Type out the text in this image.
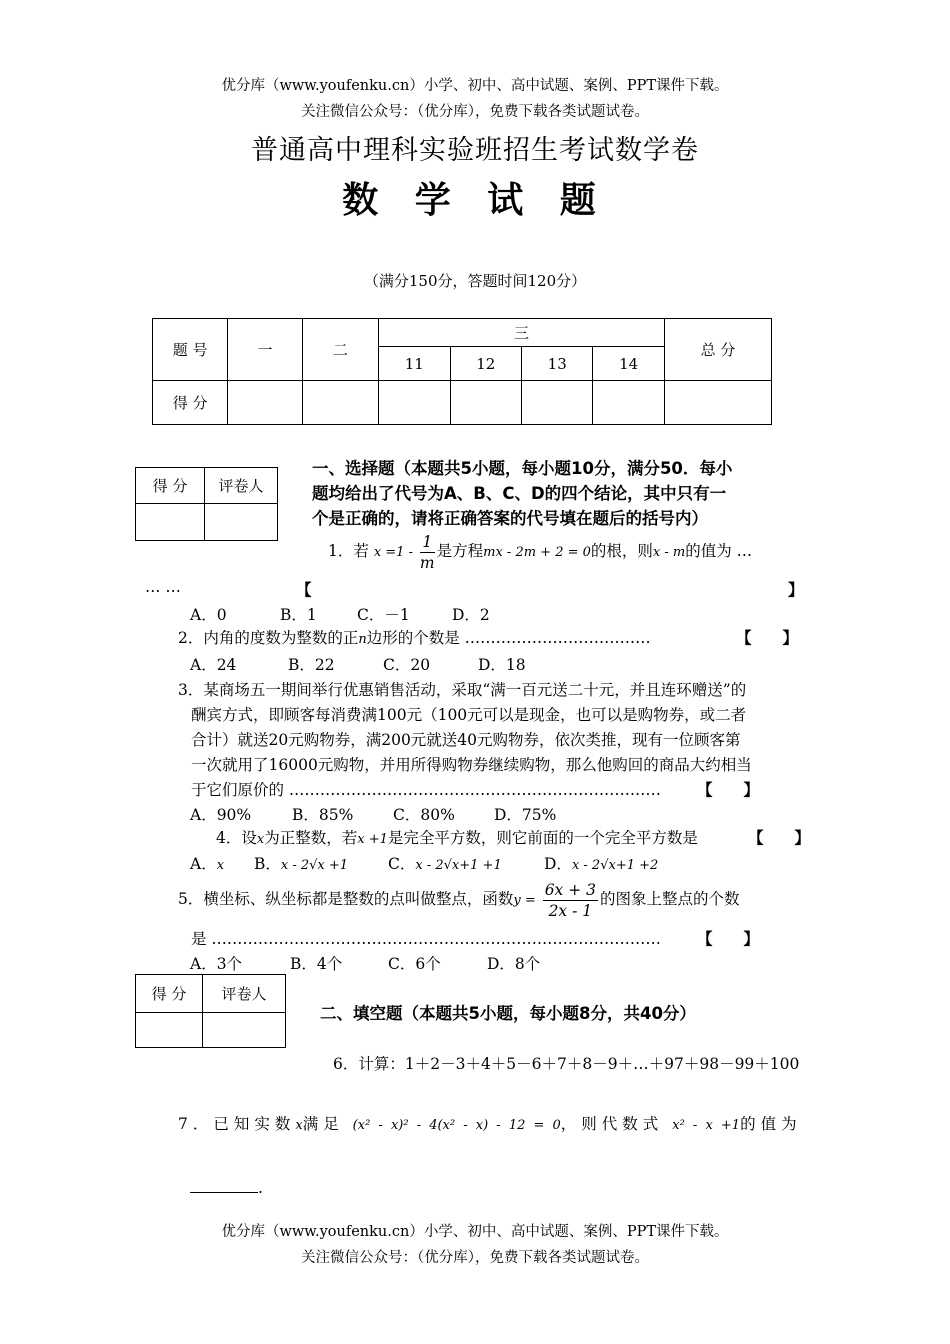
优分库（www.youfenku.cn）小学、初中、高中试题、案例、PPT课件下载。
关注微信公众号：（优分库），免费下载各类试题试卷。
普通高中理科实验班招生考试数学卷
数 学 试 题
（满分150分，答题时间120分）
题 号	一	二	三				总 分
			11	12	13	14	
得 分							
得 分	评卷人

一、选择题（本题共5小题，每小题10分，满分50．每小
题均给出了代号为A、B、C、D的四个结论，其中只有一
个是正确的，请将正确答案的代号填在题后的括号内）
1．若 $x =1 - \frac{1}{m}$ 是方程mx - 2m + 2 = 0的根，则x - m的值为 …
… …	【	】
A．0	B．1	C．－1	D．2
2．内角的度数为整数的正n边形的个数是 ………………………………	【　　】
A．24	B．22	C．20	D．18
3．某商场五一期间举行优惠销售活动，采取“满一百元送二十元，并且连环赠送”的
酬宾方式，即顾客每消费满100元（100元可以是现金，也可以是购物券，或二者
合计）就送20元购物券，满200元就送40元购物券，依次类推，现有一位顾客第
一次就用了16000元购物，并用所得购物券继续购物，那么他购回的商品大约相当
于它们原价的 ……………………………………………………………… 【　　】
A．90%	B．85%	C．80%	D．75%
4．设x为正整数，若x +1是完全平方数，则它前面的一个完全平方数是	【　　】
A．x B．x - 2√x +1	C．x - 2√x+1 +1	D．x - 2√x+1 +2
5．横坐标、纵坐标都是整数的点叫做整点，函数$y = \frac{6x + 3}{2x - 1}$ 的图象上整点的个数
是 …………………………………………………………………………… 【　　】
A．3个	B．4个	C．6个	D．8个
得 分	评卷人

二、填空题（本题共5小题，每小题8分，共40分）
6．计算：1＋2－3＋4＋5－6＋7＋8－9＋…＋97＋98－99＋100
7．已知实数x满足 (x² - x)² - 4(x² - x) - 12 = 0，则代数式 x² - x +1的值为
.
优分库（www.youfenku.cn）小学、初中、高中试题、案例、PPT课件下载。
关注微信公众号：（优分库），免费下载各类试题试卷。
